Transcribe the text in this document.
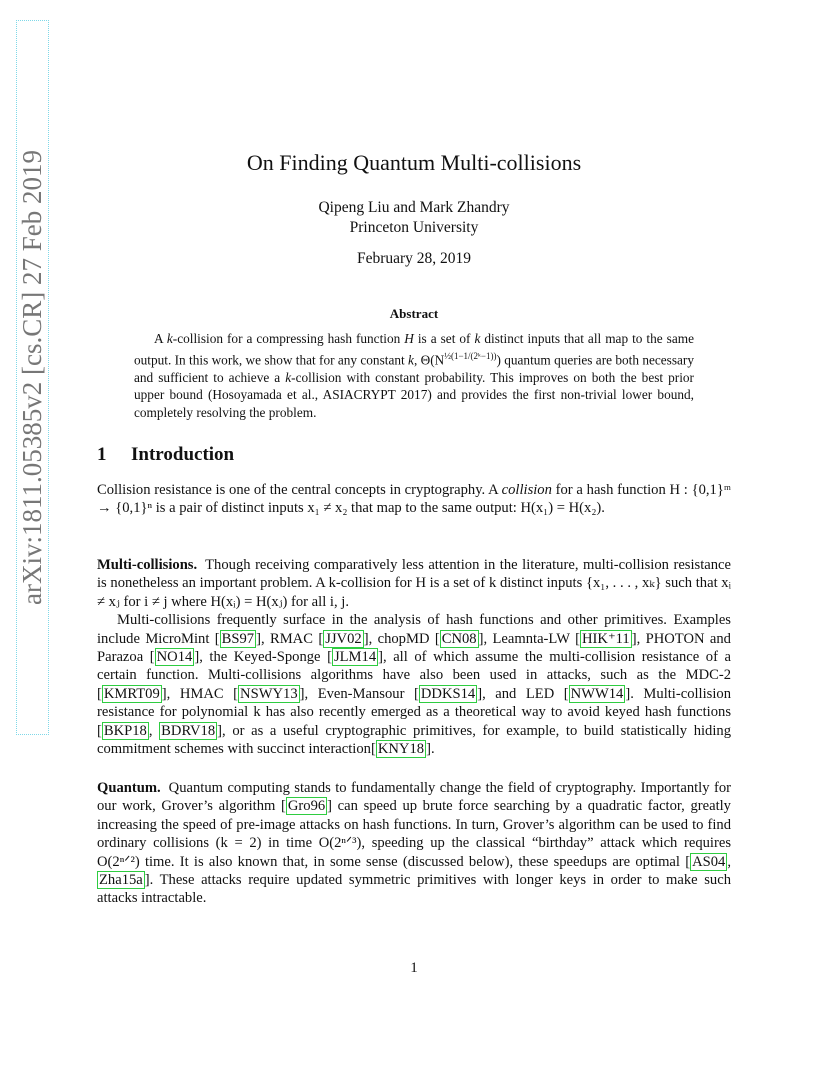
arXiv:1811.05385v2 [cs.CR] 27 Feb 2019	On Finding Quantum Multi-collisions
Qipeng Liu and Mark Zhandry
Princeton University
February 28, 2019
Abstract

A k-collision for a compressing hash function H is a set of k distinct inputs that all map to the same output. In this work, we show that for any constant k, $\Theta(N^{\frac{1}{2}(1-1/(2ᵏ-1))})$ quantum queries are both necessary and sufficient to achieve a k-collision with constant probability. This improves on both the best prior upper bound (Hosoyamada et al., ASIACRYPT 2017) and provides the first non-trivial lower bound, completely resolving the problem.

1 Introduction

Collision resistance is one of the central concepts in cryptography. A collision for a hash function H : {0,1}ᵐ → {0,1}ⁿ is a pair of distinct inputs x₁ ≠ x₂ that map to the same output: H(x₁) = H(x₂).

Multi-collisions. Though receiving comparatively less attention in the literature, multi-collision resistance is nonetheless an important problem. A k-collision for H is a set of k distinct inputs {x₁, . . . , xₖ} such that xᵢ ≠ xⱼ for i ≠ j where H(xᵢ) = H(xⱼ) for all i, j.

Multi-collisions frequently surface in the analysis of hash functions and other primitives. Examples include MicroMint [ BS97 ], RMAC [ JJV02 ], chopMD [ CN08 ], Leamnta-LW [ HIK⁺11 ], PHOTON and Parazoa [ NO14 ], the Keyed-Sponge [ JLM14 ], all of which assume the multi-collision resistance of a certain function. Multi-collisions algorithms have also been used in attacks, such as the MDC-2 [ KMRT09 ], HMAC [ NSWY13 ], Even-Mansour [ DDKS14 ], and LED [ NWW14 ]. Multi-collision resistance for polynomial k has also recently emerged as a theoretical way to avoid keyed hash functions [ BKP18 , BDRV18 ], or as a useful cryptographic primitives, for example, to build statistically hiding commitment schemes with succinct interaction[ KNY18 ].

Quantum. Quantum computing stands to fundamentally change the field of cryptography. Importantly for our work, Grover’s algorithm [ Gro96 ] can speed up brute force searching by a quadratic factor, greatly increasing the speed of pre-image attacks on hash functions. In turn, Grover’s algorithm can be used to find ordinary collisions (k = 2) in time O(2ⁿᐟ³), speeding up the classical “birthday” attack which requires O(2ⁿᐟ²) time. It is also known that, in some sense (discussed below), these speedups are optimal [ AS04 , Zha15a ]. These attacks require updated symmetric primitives with longer keys in order to make such attacks intractable.

1
